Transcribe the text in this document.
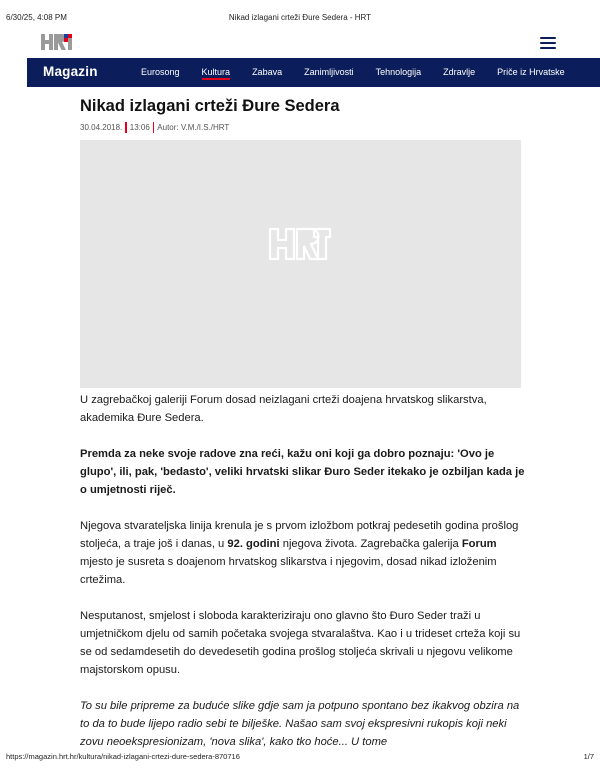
6/30/25, 4:08 PM	Nikad izlagani crteži Đure Sedera - HRT
Magazin	Eurosong Kultura Zabava Zanimljivosti Tehnologija Zdravlje Priče iz Hrvatske
Nikad izlagani crteži Đure Sedera
30.04.2018. 13:06 Autor: V.M./I.S./HRT

U zagrebačkoj galeriji Forum dosad neizlagani crteži doajena hrvatskog slikarstva, akademika Đure Sedera.

Premda za neke svoje radove zna reći, kažu oni koji ga dobro poznaju: 'Ovo je glupo', ili, pak, 'bedasto', veliki hrvatski slikar Đuro Seder itekako je ozbiljan kada je o umjetnosti riječ.

Njegova stvarateljska linija krenula je s prvom izložbom potkraj pedesetih godina prošlog stoljeća, a traje još i danas, u 92. godini njegova života. Zagrebačka galerija Forum mjesto je susreta s doajenom hrvatskog slikarstva i njegovim, dosad nikad izloženim crtežima.

Nesputanost, smjelost i sloboda karakteriziraju ono glavno što Đuro Seder traži u umjetničkom djelu od samih početaka svojega stvaralaštva. Kao i u trideset crteža koji su se od sedamdesetih do devedesetih godina prošlog stoljeća skrivali u njegovu velikome majstorskom opusu.

To su bile pripreme za buduće slike gdje sam ja potpuno spontano bez ikakvog obzira na to da to bude lijepo radio sebi te bilješke. Našao sam svoj ekspresivni rukopis koji neki zovu neoekspresionizam, 'nova slika', kako tko hoće... U tome

https://magazin.hrt.hr/kultura/nikad-izlagani-crtezi-dure-sedera-870716	1/7
